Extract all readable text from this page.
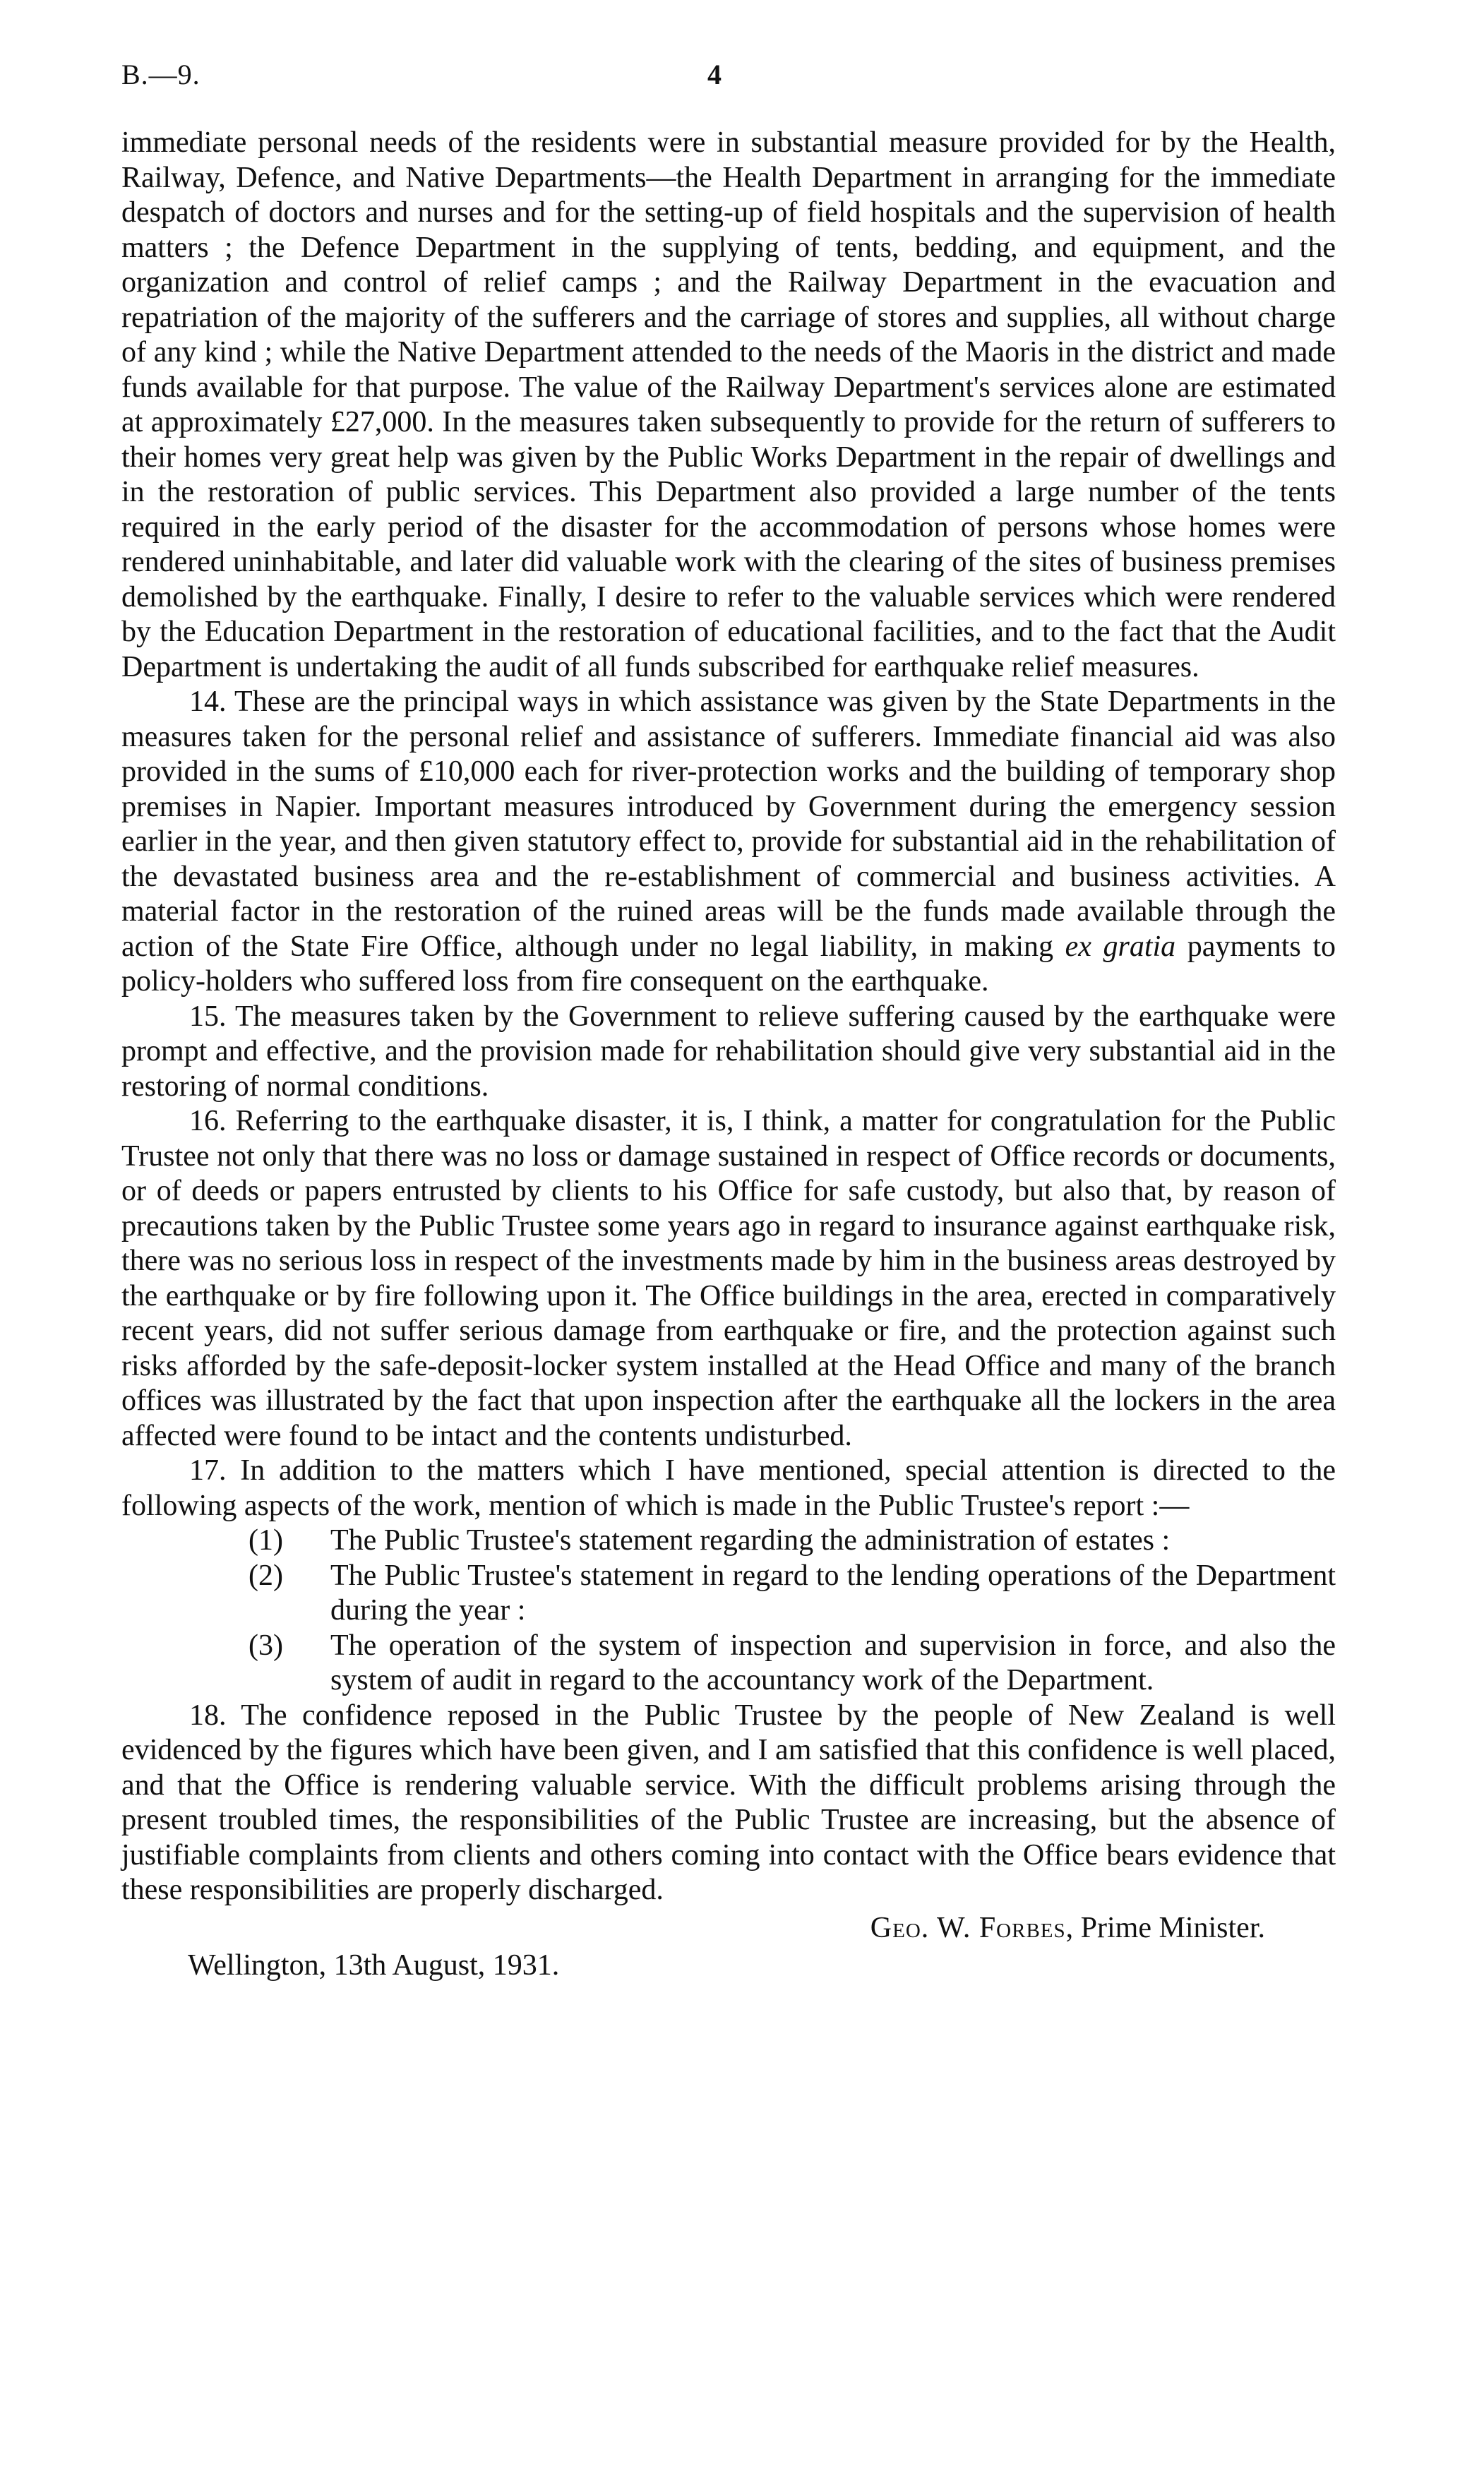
B.—9.	4

immediate personal needs of the residents were in substantial measure provided for by the Health, Railway, Defence, and Native Departments—the Health Department in arranging for the immediate despatch of doctors and nurses and for the setting-up of field hospitals and the supervision of health matters ; the Defence Department in the supplying of tents, bedding, and equipment, and the organization and control of relief camps ; and the Railway Department in the evacuation and repatriation of the majority of the sufferers and the carriage of stores and supplies, all without charge of any kind ; while the Native Department attended to the needs of the Maoris in the district and made funds available for that purpose. The value of the Railway Department's services alone are estimated at approximately £27,000. In the measures taken subsequently to provide for the return of sufferers to their homes very great help was given by the Public Works Department in the repair of dwellings and in the restoration of public services. This Department also provided a large number of the tents required in the early period of the disaster for the accommodation of persons whose homes were rendered uninhabitable, and later did valuable work with the clearing of the sites of business premises demolished by the earthquake. Finally, I desire to refer to the valuable services which were rendered by the Education Department in the restoration of educational facilities, and to the fact that the Audit Department is undertaking the audit of all funds subscribed for earthquake relief measures.

14. These are the principal ways in which assistance was given by the State Departments in the measures taken for the personal relief and assistance of sufferers. Immediate financial aid was also provided in the sums of £10,000 each for river-protection works and the building of temporary shop premises in Napier. Important measures introduced by Government during the emergency session earlier in the year, and then given statutory effect to, provide for substantial aid in the rehabilitation of the devastated business area and the re-establishment of commercial and business activities. A material factor in the restoration of the ruined areas will be the funds made available through the action of the State Fire Office, although under no legal liability, in making ex gratia payments to policy-holders who suffered loss from fire consequent on the earthquake.

15. The measures taken by the Government to relieve suffering caused by the earthquake were prompt and effective, and the provision made for rehabilitation should give very substantial aid in the restoring of normal conditions.

16. Referring to the earthquake disaster, it is, I think, a matter for congratulation for the Public Trustee not only that there was no loss or damage sustained in respect of Office records or documents, or of deeds or papers entrusted by clients to his Office for safe custody, but also that, by reason of precautions taken by the Public Trustee some years ago in regard to insurance against earthquake risk, there was no serious loss in respect of the investments made by him in the business areas destroyed by the earthquake or by fire following upon it. The Office buildings in the area, erected in comparatively recent years, did not suffer serious damage from earthquake or fire, and the protection against such risks afforded by the safe-deposit-locker system installed at the Head Office and many of the branch offices was illustrated by the fact that upon inspection after the earthquake all the lockers in the area affected were found to be intact and the contents undisturbed.

17. In addition to the matters which I have mentioned, special attention is directed to the following aspects of the work, mention of which is made in the Public Trustee's report :—

(1) The Public Trustee's statement regarding the administration of estates :
(2) The Public Trustee's statement in regard to the lending operations of the Department during the year :
(3) The operation of the system of inspection and supervision in force, and also the system of audit in regard to the accountancy work of the Department.

18. The confidence reposed in the Public Trustee by the people of New Zealand is well evidenced by the figures which have been given, and I am satisfied that this confidence is well placed, and that the Office is rendering valuable service. With the difficult problems arising through the present troubled times, the responsibilities of the Public Trustee are increasing, but the absence of justifiable complaints from clients and others coming into contact with the Office bears evidence that these responsibilities are properly discharged.

Geo. W. Forbes, Prime Minister.
Wellington, 13th August, 1931.
